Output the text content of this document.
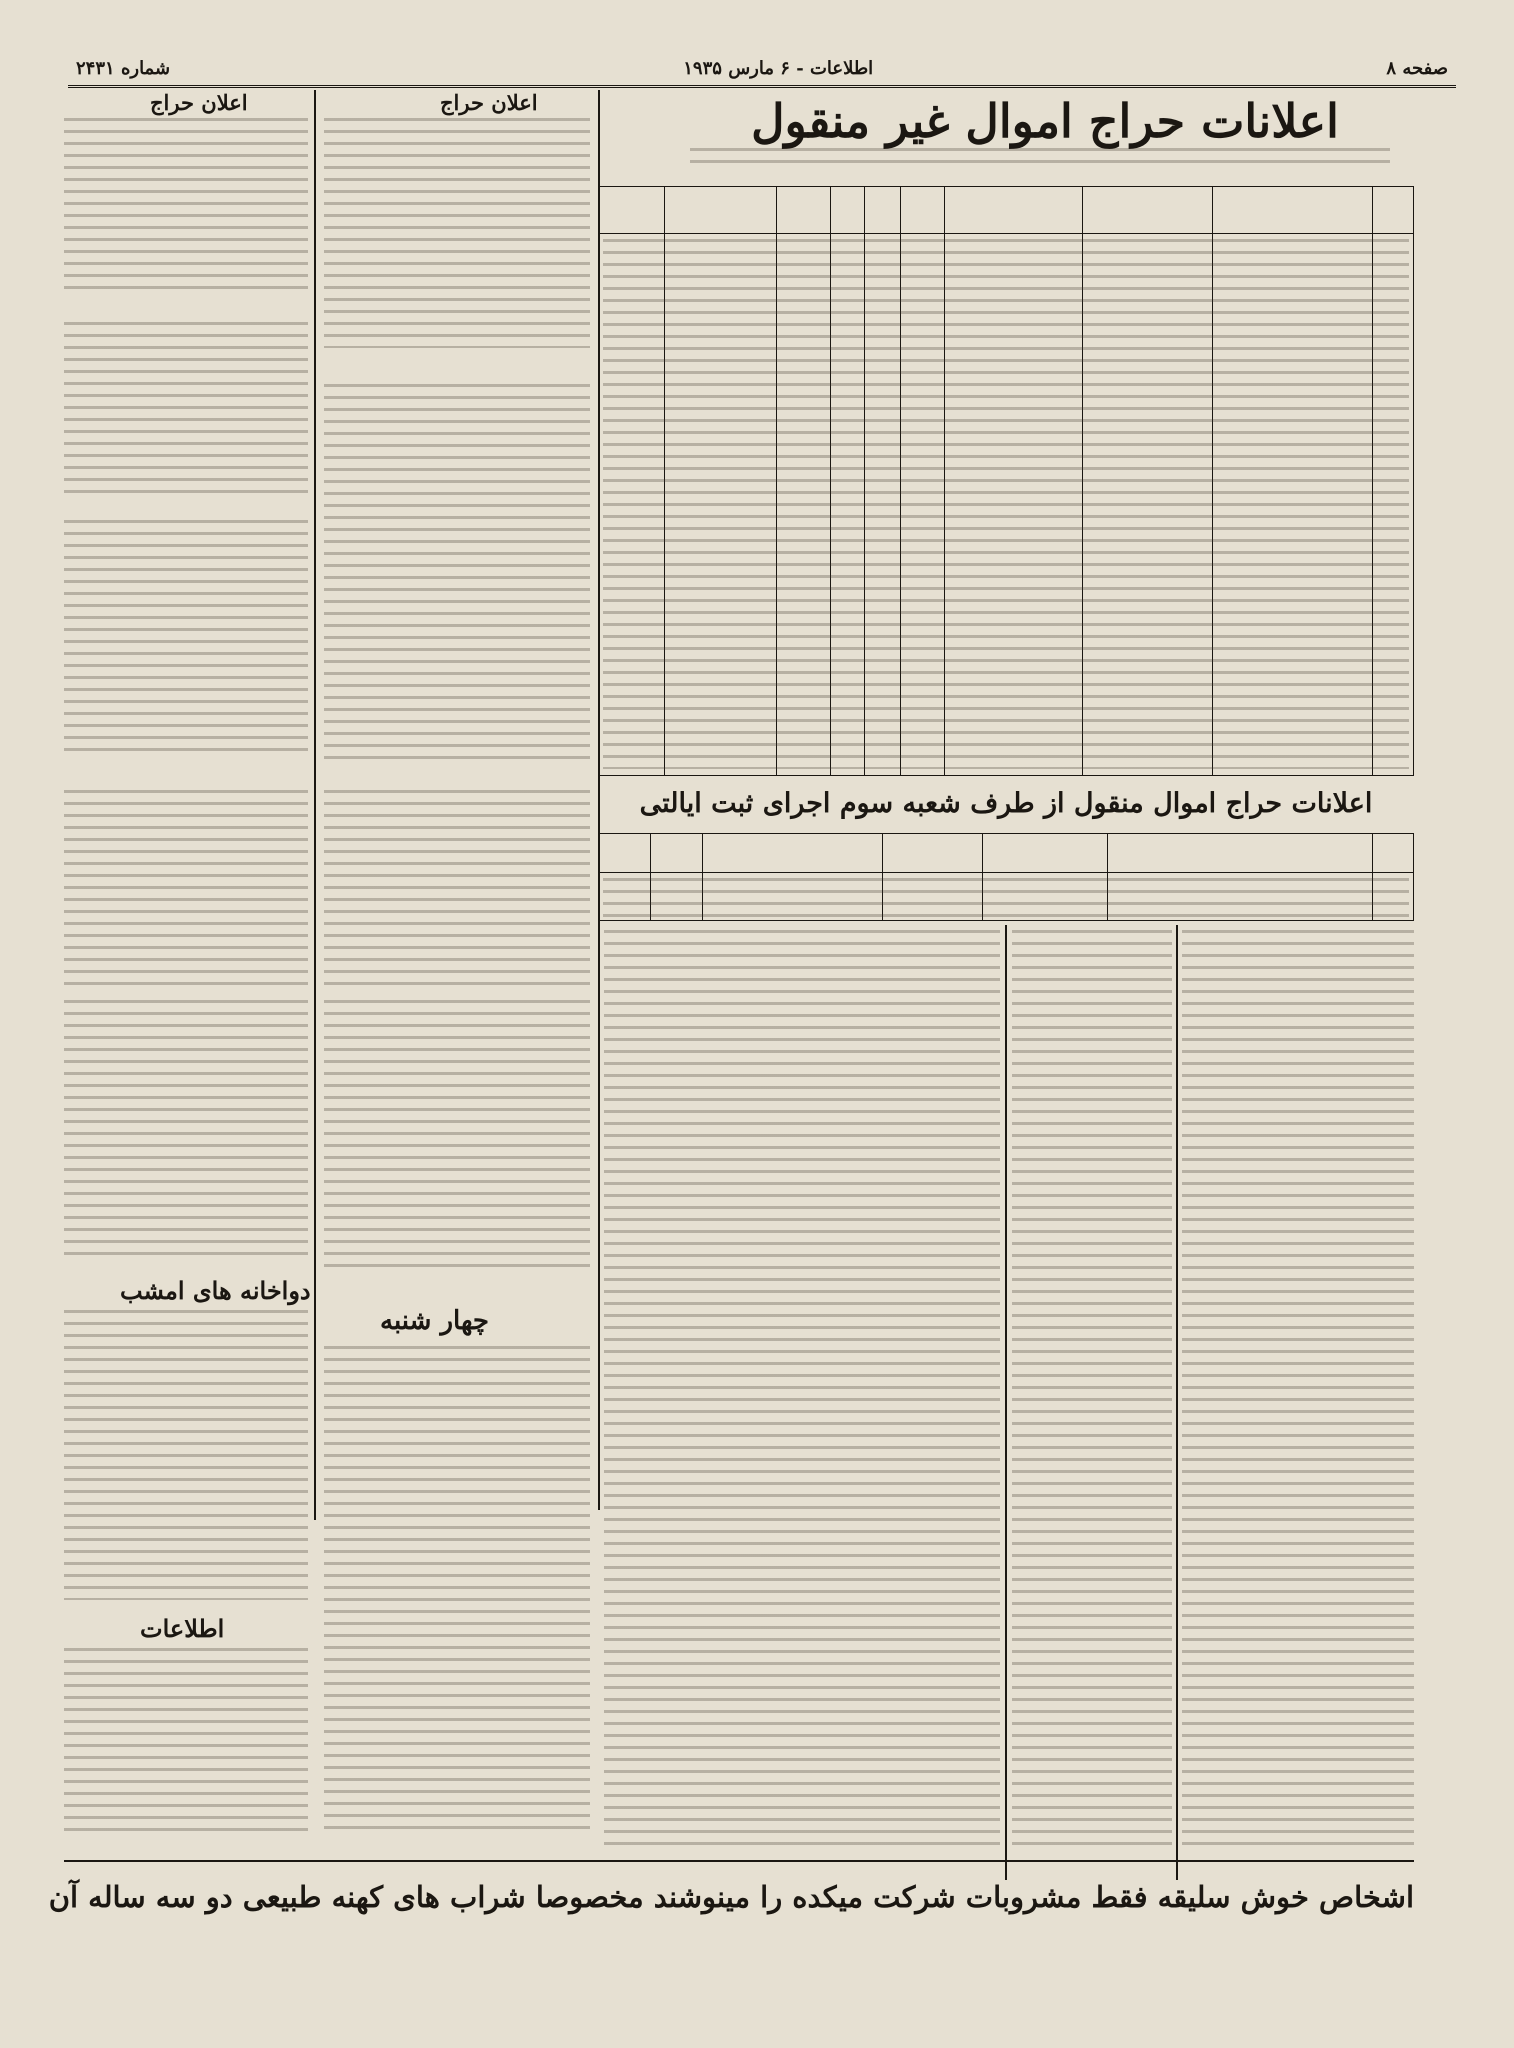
صفحه ۸
اطلاعات - ۶ مارس ۱۹۳۵
شماره ۲۴۳۱
اعلانات حراج اموال غیر منقول
اعلانات حراج اموال منقول از طرف شعبه سوم اجرای ثبت ایالتی
اعلان حراج
اعلان حراج
دواخانه های امشب
اطلاعات
چهار شنبه
اشخاص خوش سلیقه فقط مشروبات شرکت میکده را مینوشند مخصوصا شراب های کهنه طبیعی دو سه ساله آن
